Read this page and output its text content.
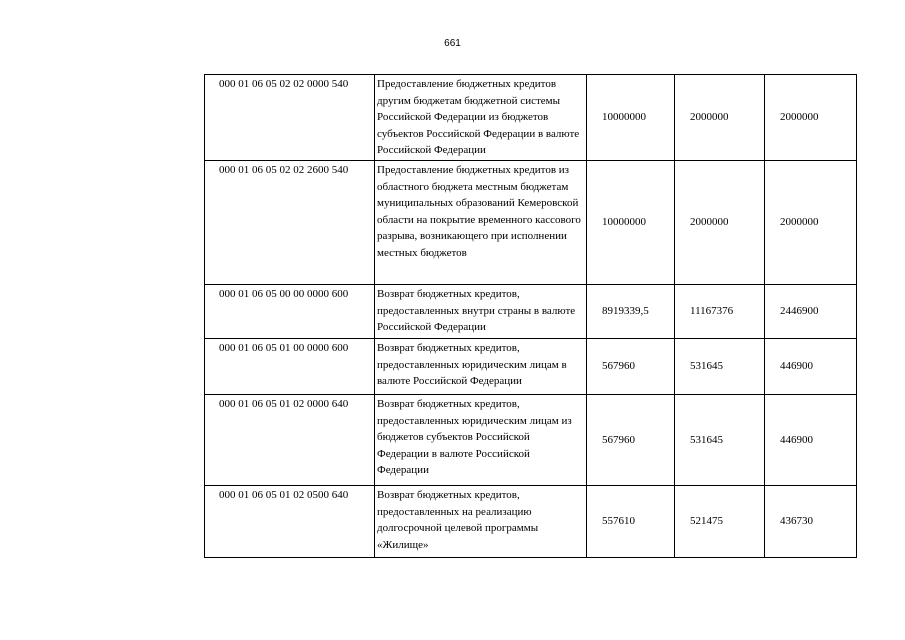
661
000 01 06 05 02 02 0000 540	Предоставление бюджетных кредитов другим бюджетам бюджетной системы Российской Федерации из бюджетов субъектов Российской Федерации в валюте Российской Федерации	10000000	2000000	2000000
000 01 06 05 02 02 2600 540	Предоставление бюджетных кредитов из областного бюджета местным бюджетам муниципальных образований Кемеровской области на покрытие временного кассового разрыва, возникающего при исполнении местных бюджетов	10000000	2000000	2000000
000 01 06 05 00 00 0000 600	Возврат бюджетных кредитов, предоставленных внутри страны в валюте Российской Федерации	8919339,5	11167376	2446900
000 01 06 05 01 00 0000 600	Возврат бюджетных кредитов, предоставленных юридическим лицам в валюте Российской Федерации	567960	531645	446900
000 01 06 05 01 02 0000 640	Возврат бюджетных кредитов, предоставленных юридическим лицам из бюджетов субъектов Российской Федерации в валюте Российской Федерации	567960	531645	446900
000 01 06 05 01 02 0500 640	Возврат бюджетных кредитов, предоставленных на реализацию долгосрочной целевой программы «Жилище»	557610	521475	436730
